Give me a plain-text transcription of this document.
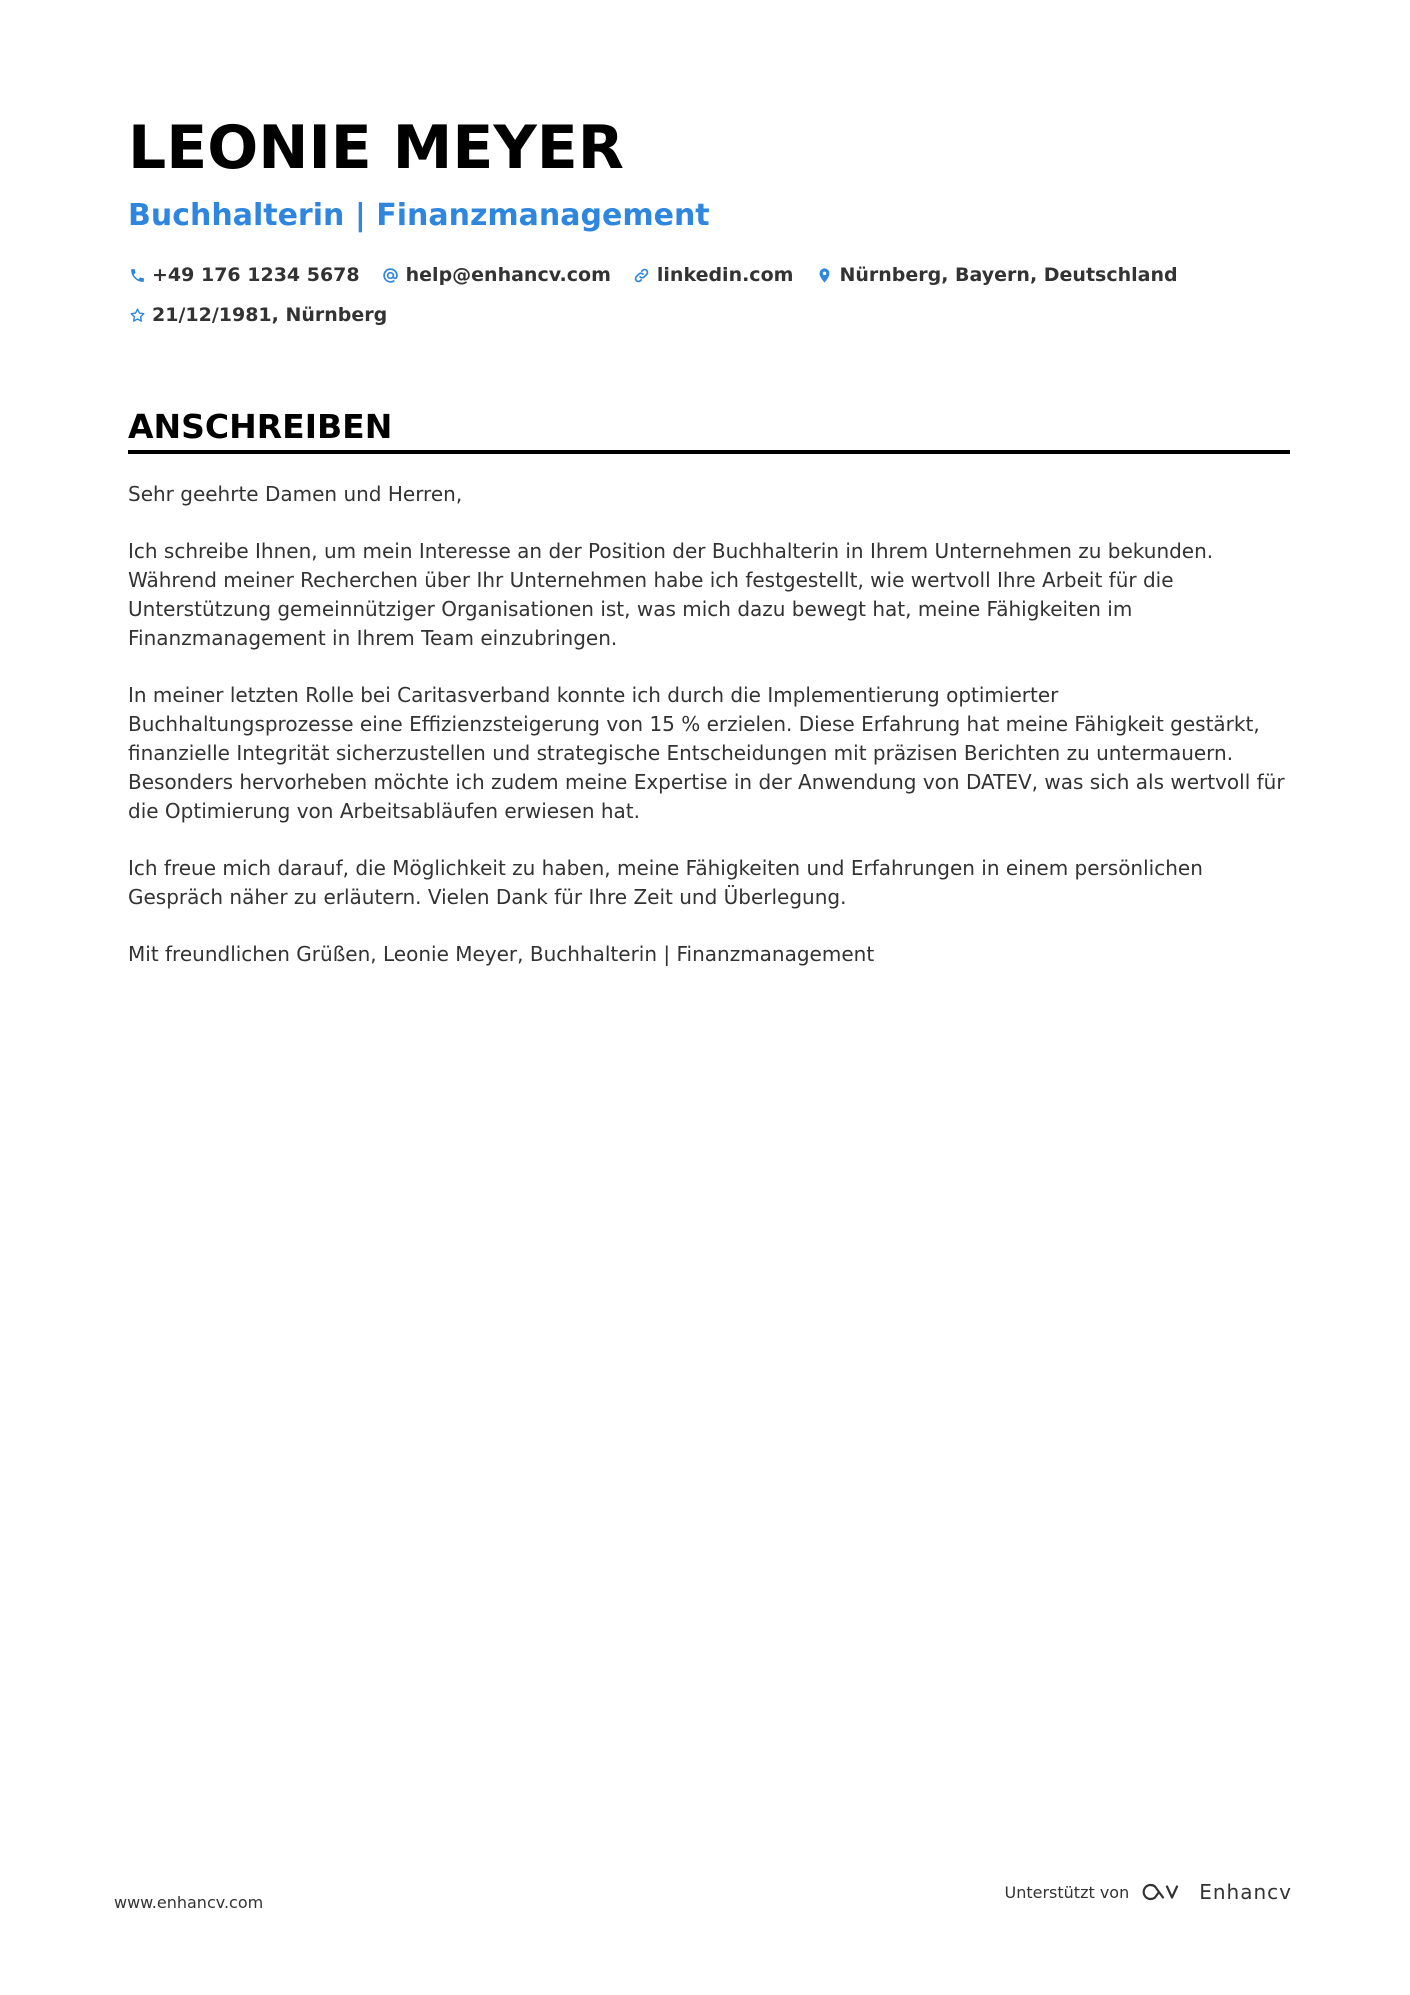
LEONIE MEYER
Buchhalterin | Finanzmanagement
+49 176 1234 5678 help@enhancv.com linkedin.com Nürnberg, Bayern, Deutschland
21/12/1981, Nürnberg
ANSCHREIBEN

Sehr geehrte Damen und Herren,

Ich schreibe Ihnen, um mein Interesse an der Position der Buchhalterin in Ihrem Unternehmen zu bekunden. Während meiner Recherchen über Ihr Unternehmen habe ich festgestellt, wie wertvoll Ihre Arbeit für die Unterstützung gemeinnütziger Organisationen ist, was mich dazu bewegt hat, meine Fähigkeiten im Finanzmanagement in Ihrem Team einzubringen.

In meiner letzten Rolle bei Caritasverband konnte ich durch die Implementierung optimierter Buchhaltungsprozesse eine Effizienzsteigerung von 15 % erzielen. Diese Erfahrung hat meine Fähigkeit gestärkt, finanzielle Integrität sicherzustellen und strategische Entscheidungen mit präzisen Berichten zu untermauern. Besonders hervorheben möchte ich zudem meine Expertise in der Anwendung von DATEV, was sich als wertvoll für die Optimierung von Arbeitsabläufen erwiesen hat.

Ich freue mich darauf, die Möglichkeit zu haben, meine Fähigkeiten und Erfahrungen in einem persönlichen Gespräch näher zu erläutern. Vielen Dank für Ihre Zeit und Überlegung.

Mit freundlichen Grüßen, Leonie Meyer, Buchhalterin | Finanzmanagement

www.enhancv.com
Unterstützt von	Enhancv
